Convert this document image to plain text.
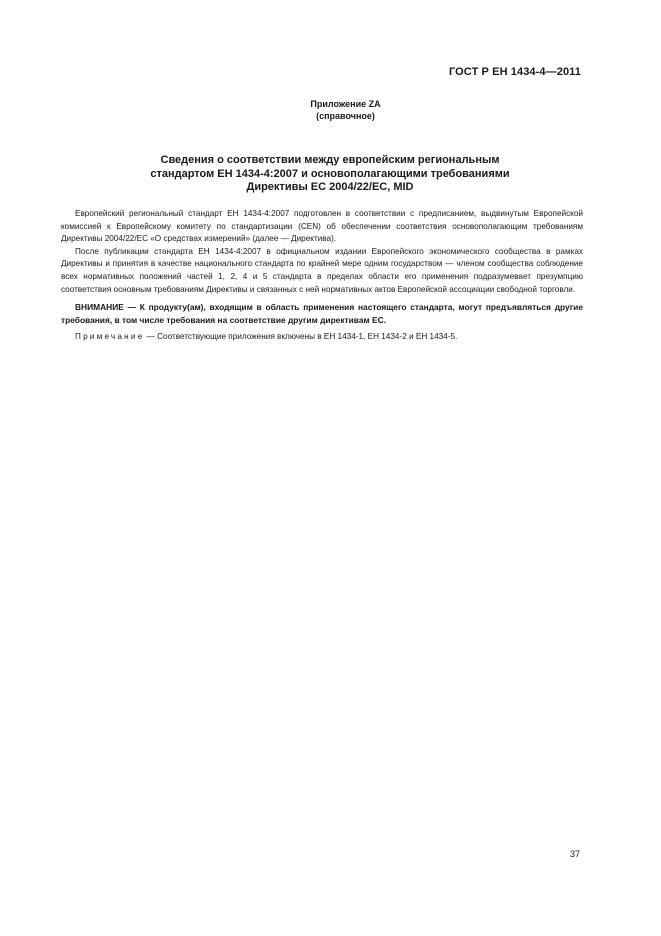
ГОСТ Р ЕН 1434-4—2011
Приложение ZA
(справочное)
Сведения о соответствии между европейским региональным
стандартом ЕН 1434-4:2007 и основополагающими требованиями
Директивы ЕС 2004/22/ЕС, MID

Европейский региональный стандарт ЕН 1434-4:2007 подготовлен в соответствии с предписанием, выдвинутым Европейской комиссией к Европейскому комитету по стандартизации (CEN) об обеспечении соответствия основополагающим требованиям Директивы 2004/22/ЕС «О средствах измерений» (далее — Директива).

После публикации стандарта ЕН 1434-4:2007 в официальном издании Европейского экономического сообщества в рамках Директивы и принятия в качестве национального стандарта по крайней мере одним государством — членом сообщества соблюдение всех нормативных положений частей 1, 2, 4 и 5 стандарта в пределах области его применения подразумевает презумпцию соответствия основным требованиям Директивы и связанных с ней нормативных актов Европейской ассоциации свободной торговли.

ВНИМАНИЕ — К продукту(ам), входящим в область применения настоящего стандарта, могут предъявляться другие требования, в том числе требования на соответствие другим директивам ЕС.

Примечание — Соответствующие приложения включены в ЕН 1434-1, ЕН 1434-2 и ЕН 1434-5.

37
